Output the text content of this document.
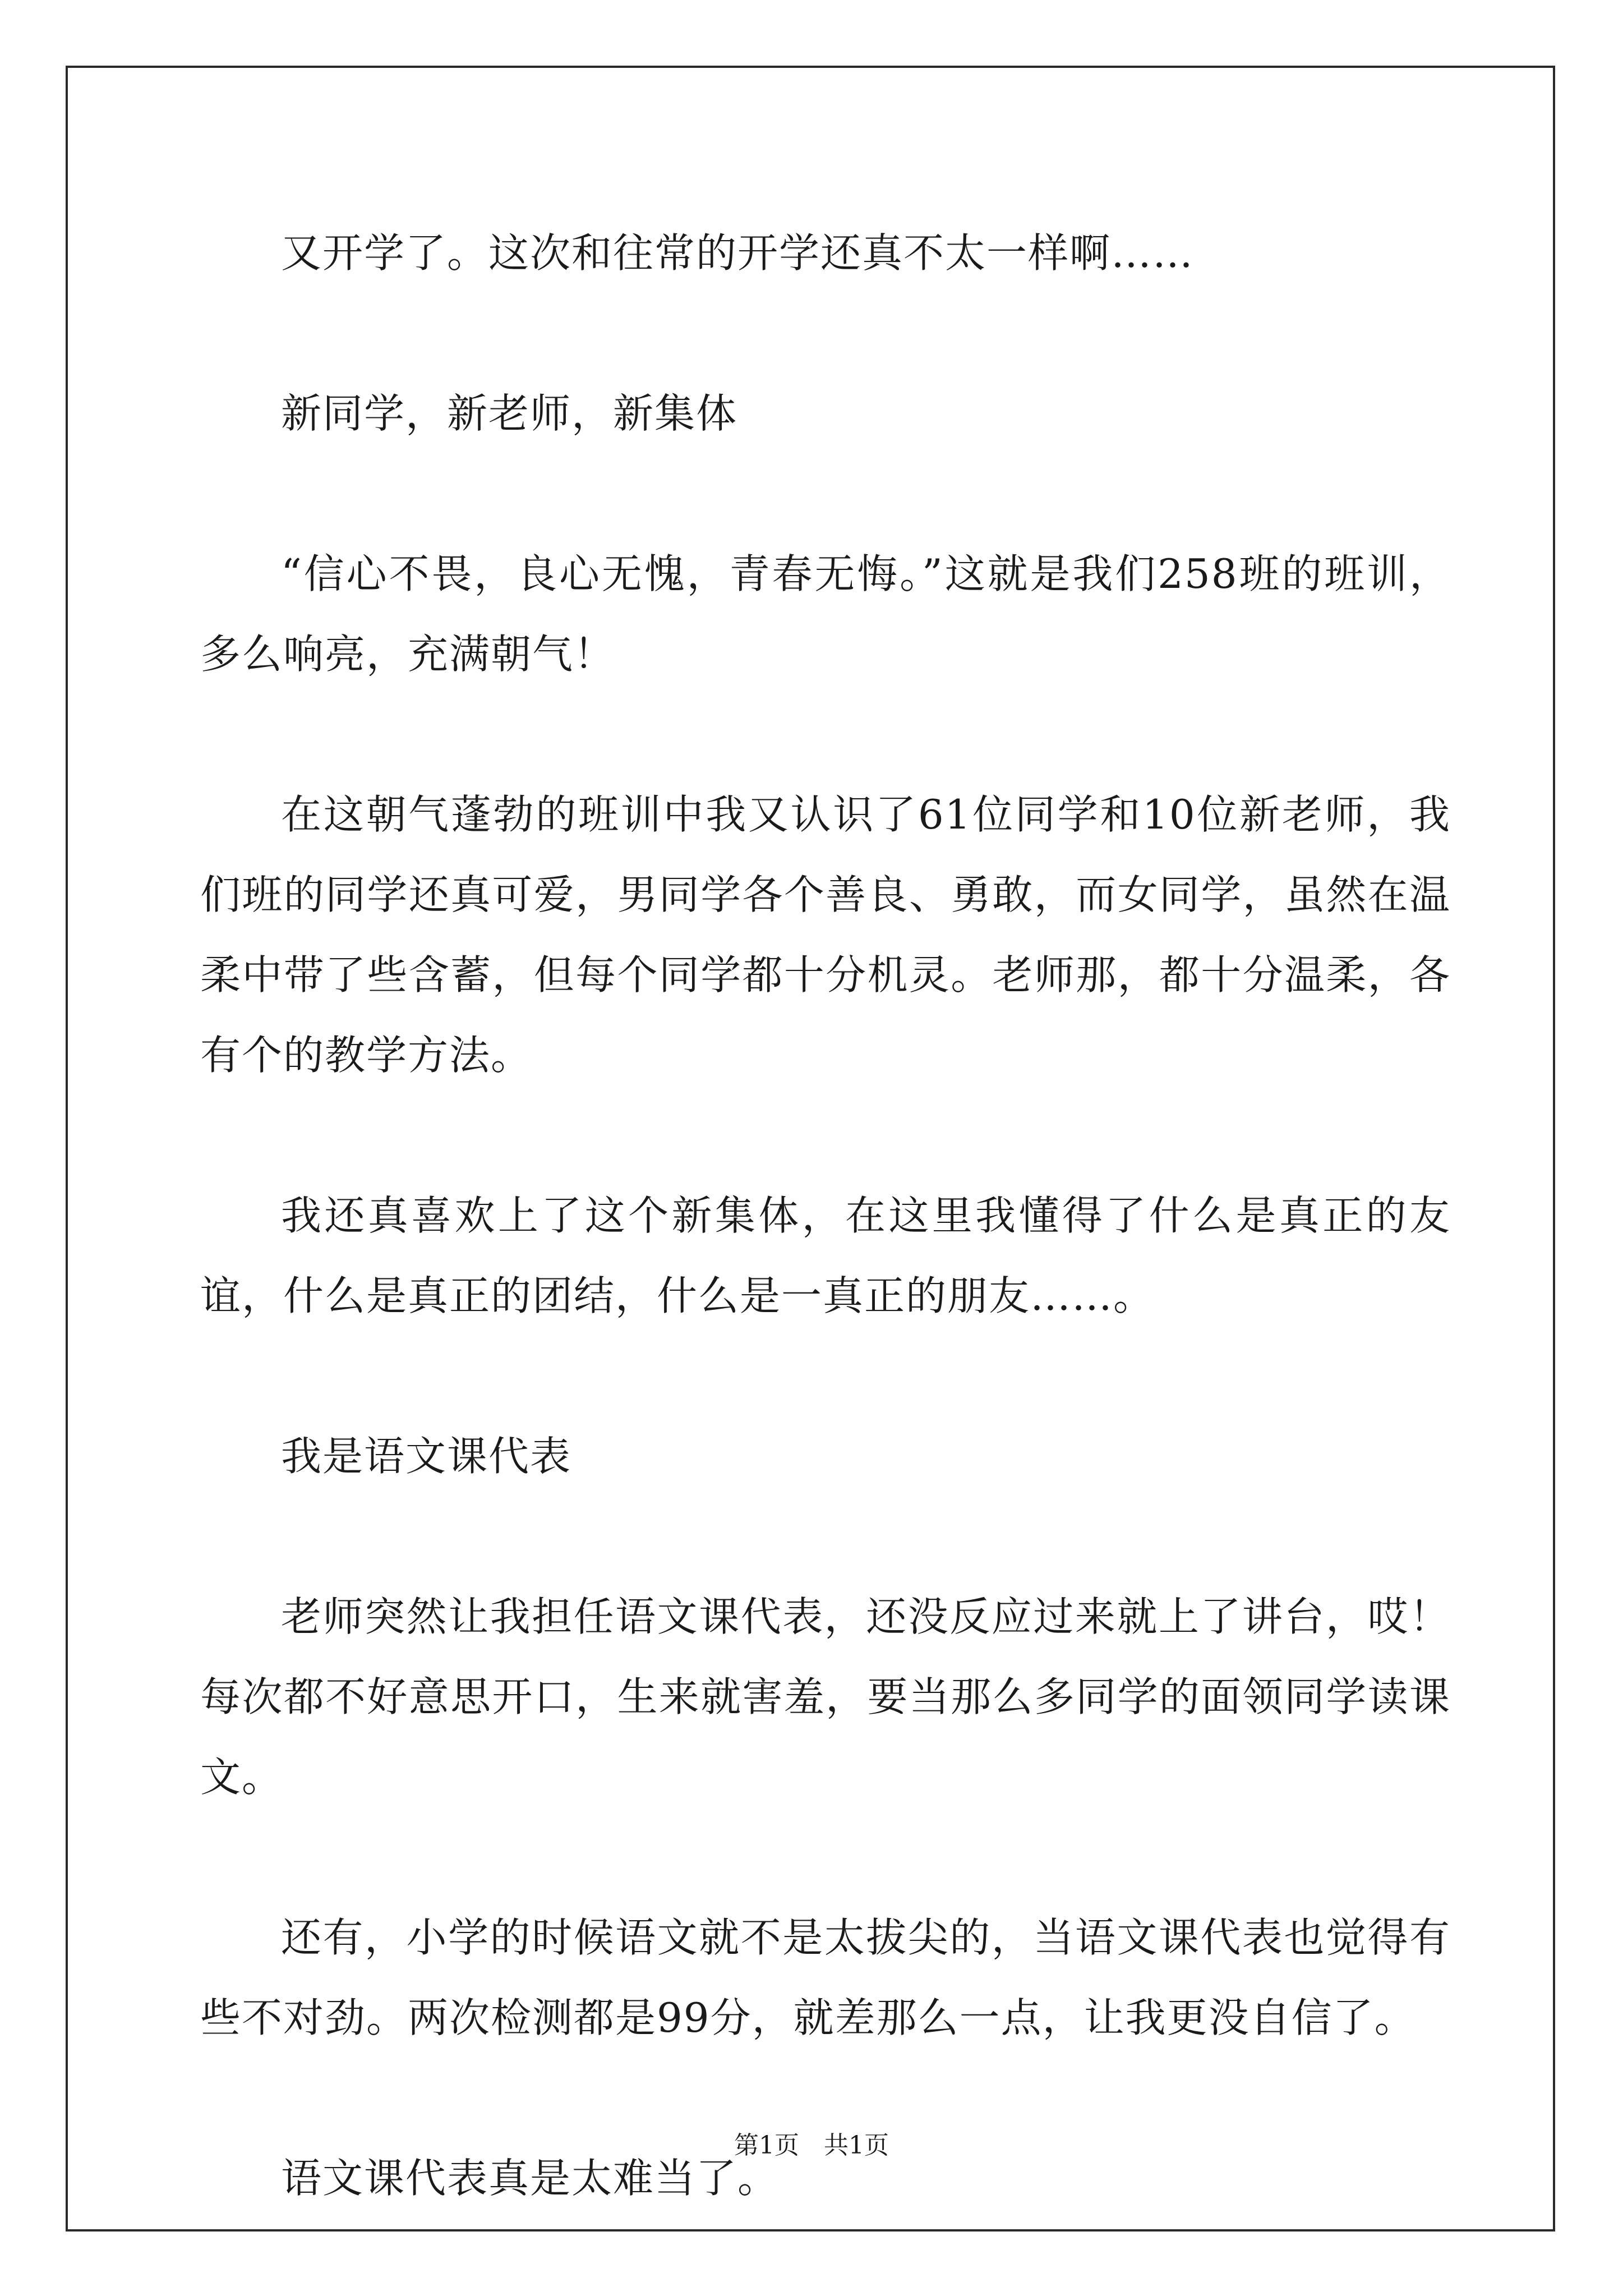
又开学了。这次和往常的开学还真不太一样啊……

新同学，新老师，新集体

“信心不畏，良心无愧，青春无悔。”这就是我们258班的班训，多么响亮，充满朝气！

在这朝气蓬勃的班训中我又认识了61位同学和10位新老师，我们班的同学还真可爱，男同学各个善良、勇敢，而女同学，虽然在温柔中带了些含蓄，但每个同学都十分机灵。老师那，都十分温柔，各有个的教学方法。

我还真喜欢上了这个新集体，在这里我懂得了什么是真正的友谊，什么是真正的团结，什么是一真正的朋友……。

我是语文课代表

老师突然让我担任语文课代表，还没反应过来就上了讲台，哎！每次都不好意思开口，生来就害羞，要当那么多同学的面领同学读课文。

还有，小学的时候语文就不是太拔尖的，当语文课代表也觉得有些不对劲。两次检测都是99分，就差那么一点，让我更没自信了。

语文课代表真是太难当了。

第1页　共1页
